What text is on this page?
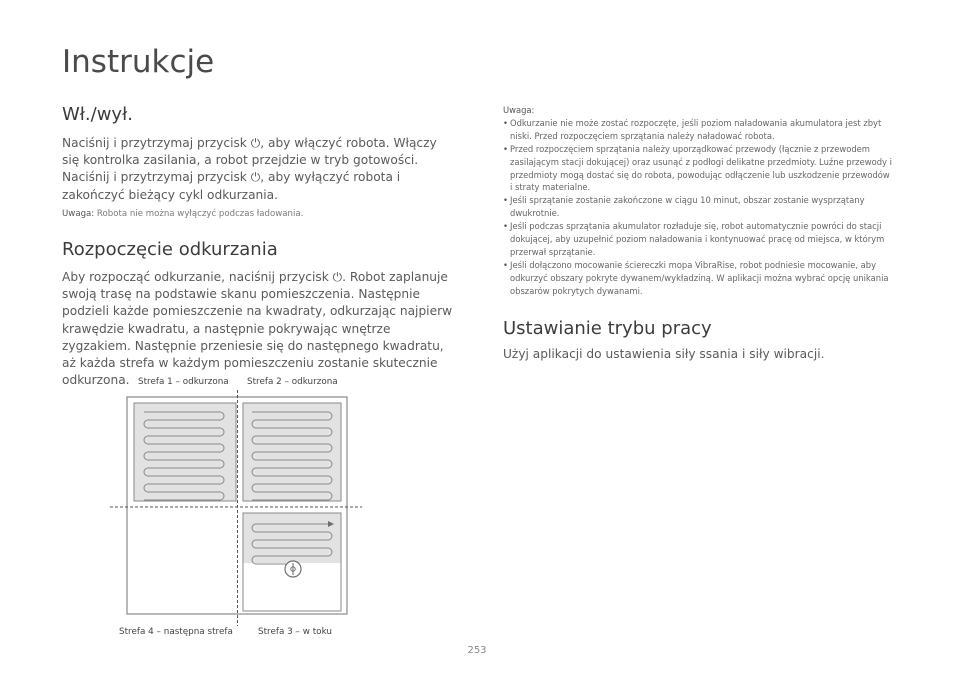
Instrukcje
Wł./wył.
Naciśnij i przytrzymaj przycisk ⏻, aby włączyć robota. Włączy się kontrolka zasilania, a robot przejdzie w tryb gotowości. Naciśnij i przytrzymaj przycisk ⏻, aby wyłączyć robota i zakończyć bieżący cykl odkurzania.
Uwaga: Robota nie można wyłączyć podczas ładowania.
Rozpoczęcie odkurzania
Aby rozpocząć odkurzanie, naciśnij przycisk ⏻. Robot zaplanuje swoją trasę na podstawie skanu pomieszczenia. Następnie podzieli każde pomieszczenie na kwadraty, odkurzając najpierw krawędzie kwadratu, a następnie pokrywając wnętrze zygzakiem. Następnie przeniesie się do następnego kwadratu, aż każda strefa w każdym pomieszczeniu zostanie skutecznie odkurzona. Strefa 1 – odkurzona Strefa 2 – odkurzona
Strefa 4 – następna strefa	Strefa 3 – w toku
Uwaga:
• Odkurzanie nie może zostać rozpoczęte, jeśli poziom naładowania akumulatora jest zbyt niski. Przed rozpoczęciem sprzątania należy naładować robota.
• Przed rozpoczęciem sprzątania należy uporządkować przewody (łącznie z przewodem zasilającym stacji dokującej) oraz usunąć z podłogi delikatne przedmioty. Luźne przewody i przedmioty mogą dostać się do robota, powodując odłączenie lub uszkodzenie przewodów i straty materialne.
• Jeśli sprzątanie zostanie zakończone w ciągu 10 minut, obszar zostanie wysprzątany dwukrotnie.
• Jeśli podczas sprzątania akumulator rozładuje się, robot automatycznie powróci do stacji dokującej, aby uzupełnić poziom naładowania i kontynuować pracę od miejsca, w którym przerwał sprzątanie.
• Jeśli dołączono mocowanie ściereczki mopa VibraRise, robot podniesie mocowanie, aby odkurzyć obszary pokryte dywanem/wykładziną. W aplikacji można wybrać opcję unikania obszarów pokrytych dywanami.
Ustawianie trybu pracy
Użyj aplikacji do ustawienia siły ssania i siły wibracji.
253
